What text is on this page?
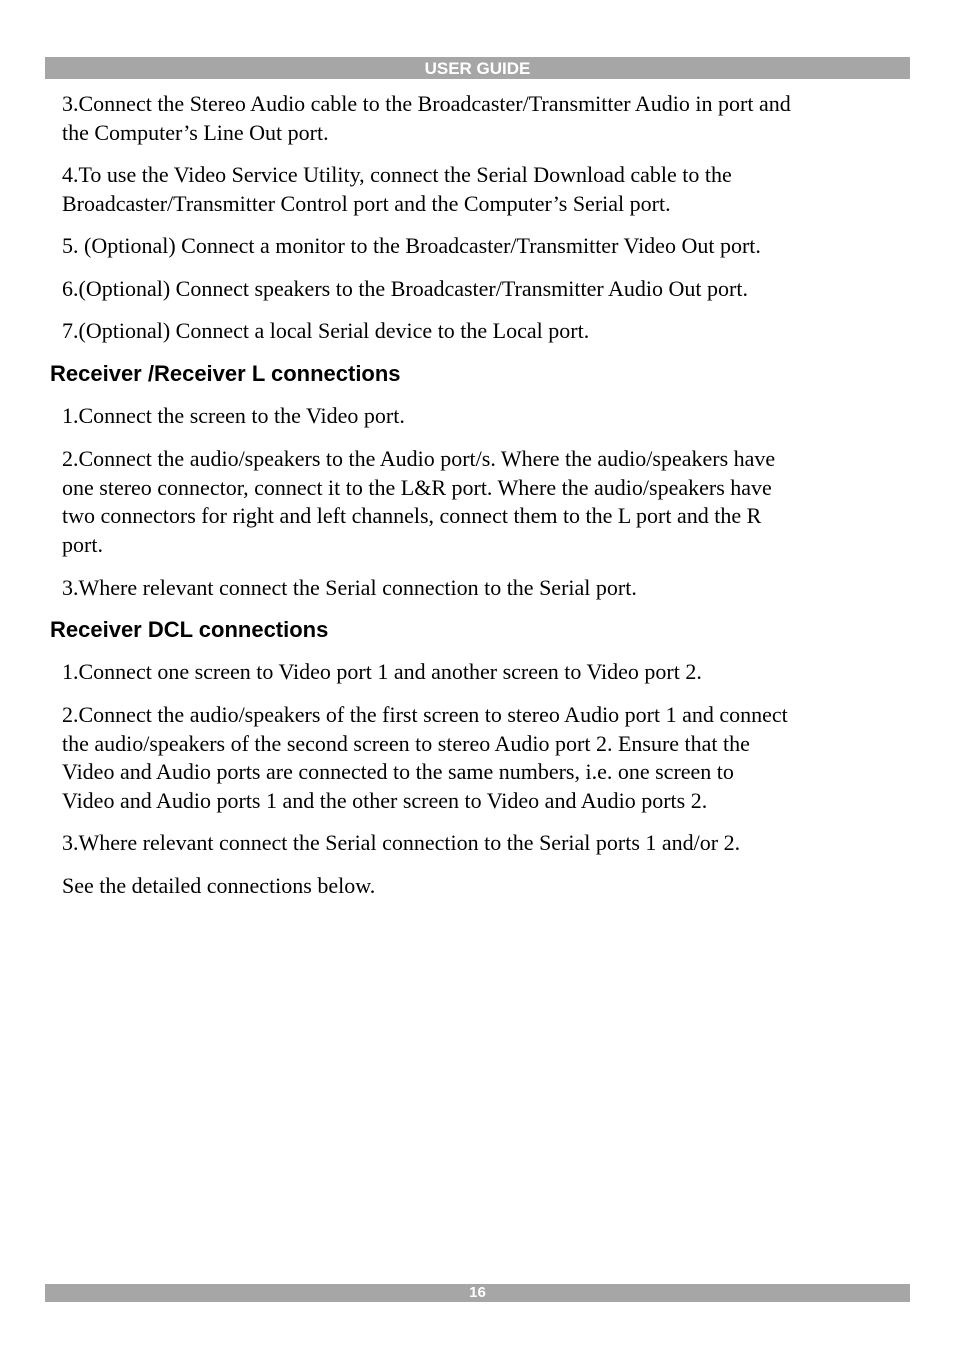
USER GUIDE
3.Connect the Stereo Audio cable to the Broadcaster/Transmitter Audio in port and
the Computer’s Line Out port.
4.To use the Video Service Utility, connect the Serial Download cable to the
Broadcaster/Transmitter Control port and the Computer’s Serial port.
5. (Optional) Connect a monitor to the Broadcaster/Transmitter Video Out port.
6.(Optional) Connect speakers to the Broadcaster/Transmitter Audio Out port.
7.(Optional) Connect a local Serial device to the Local port.
Receiver /Receiver L connections
1.Connect the screen to the Video port.
2.Connect the audio/speakers to the Audio port/s. Where the audio/speakers have
one stereo connector, connect it to the L&R port. Where the audio/speakers have
two connectors for right and left channels, connect them to the L port and the R
port.
3.Where relevant connect the Serial connection to the Serial port.
Receiver DCL connections
1.Connect one screen to Video port 1 and another screen to Video port 2.
2.Connect the audio/speakers of the first screen to stereo Audio port 1 and connect
the audio/speakers of the second screen to stereo Audio port 2. Ensure that the
Video and Audio ports are connected to the same numbers, i.e. one screen to
Video and Audio ports 1 and the other screen to Video and Audio ports 2.
3.Where relevant connect the Serial connection to the Serial ports 1 and/or 2.
See the detailed connections below.
16
